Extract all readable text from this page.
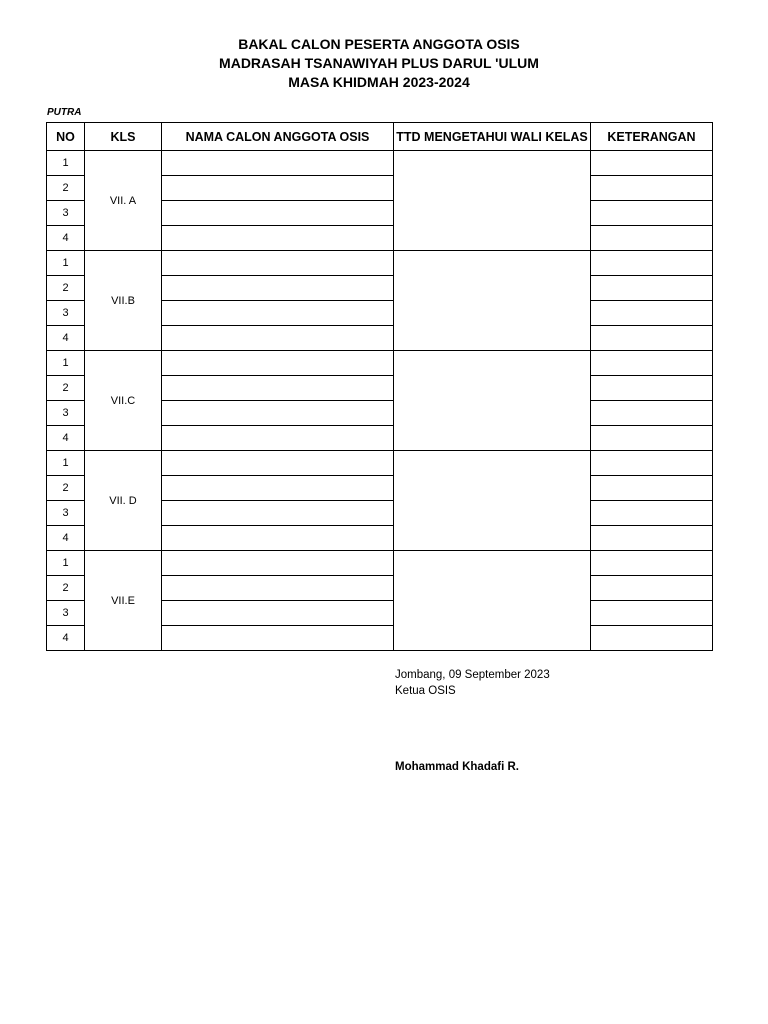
BAKAL CALON PESERTA ANGGOTA OSIS
MADRASAH TSANAWIYAH PLUS DARUL 'ULUM
MASA KHIDMAH 2023-2024
PUTRA
NO	KLS	NAMA CALON ANGGOTA OSIS	TTD MENGETAHUI WALI KELAS	KETERANGAN
1	VII. A			
2				
3				
4				
1	VII.B			
2				
3				
4				
1	VII.C			
2				
3				
4				
1	VII. D			
2				
3				
4				
1	VII.E			
2				
3				
4				
Jombang, 09 September 2023
Ketua OSIS
Mohammad Khadafi R.
